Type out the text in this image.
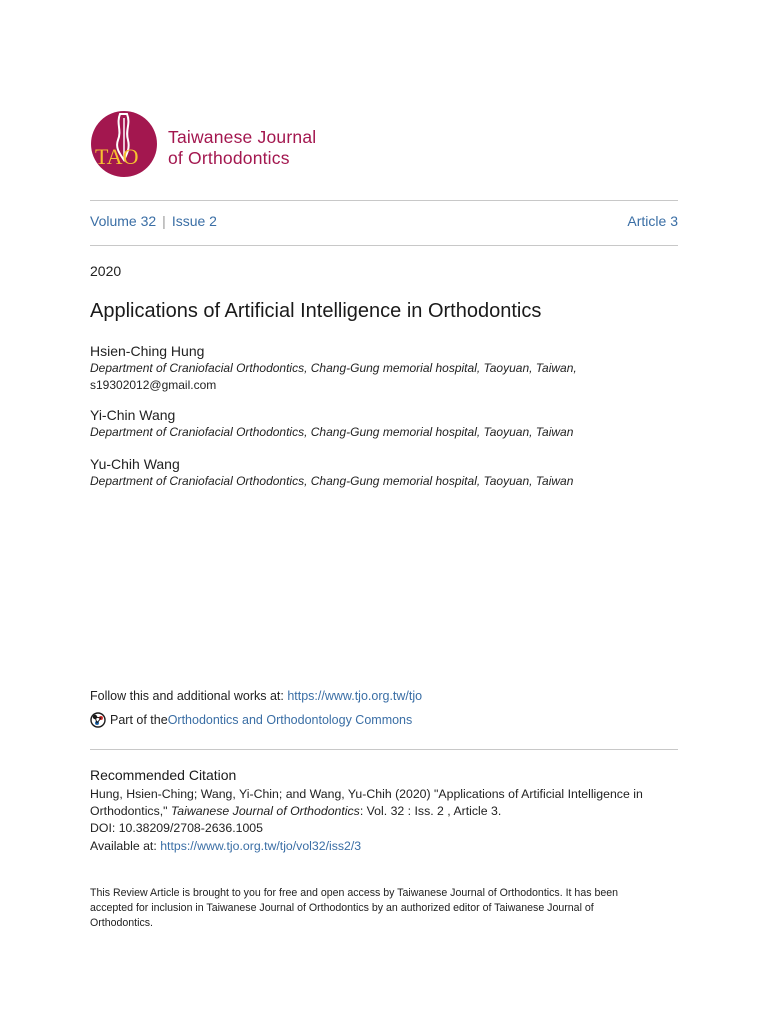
TAO
Taiwanese Journal
of Orthodontics
Volume 32 | Issue 2	Article 3
2020
Applications of Artificial Intelligence in Orthodontics
Hsien-Ching Hung
Department of Craniofacial Orthodontics, Chang-Gung memorial hospital, Taoyuan, Taiwan,
s19302012@gmail.com
Yi-Chin Wang
Department of Craniofacial Orthodontics, Chang-Gung memorial hospital, Taoyuan, Taiwan
Yu-Chih Wang
Department of Craniofacial Orthodontics, Chang-Gung memorial hospital, Taoyuan, Taiwan
Follow this and additional works at: https://www.tjo.org.tw/tjo
Part of the Orthodontics and Orthodontology Commons
Recommended Citation
Hung, Hsien-Ching; Wang, Yi-Chin; and Wang, Yu-Chih (2020) "Applications of Artificial Intelligence in
Orthodontics," Taiwanese Journal of Orthodontics: Vol. 32 : Iss. 2 , Article 3.
DOI: 10.38209/2708-2636.1005
Available at: https://www.tjo.org.tw/tjo/vol32/iss2/3
This Review Article is brought to you for free and open access by Taiwanese Journal of Orthodontics. It has been
accepted for inclusion in Taiwanese Journal of Orthodontics by an authorized editor of Taiwanese Journal of
Orthodontics.
